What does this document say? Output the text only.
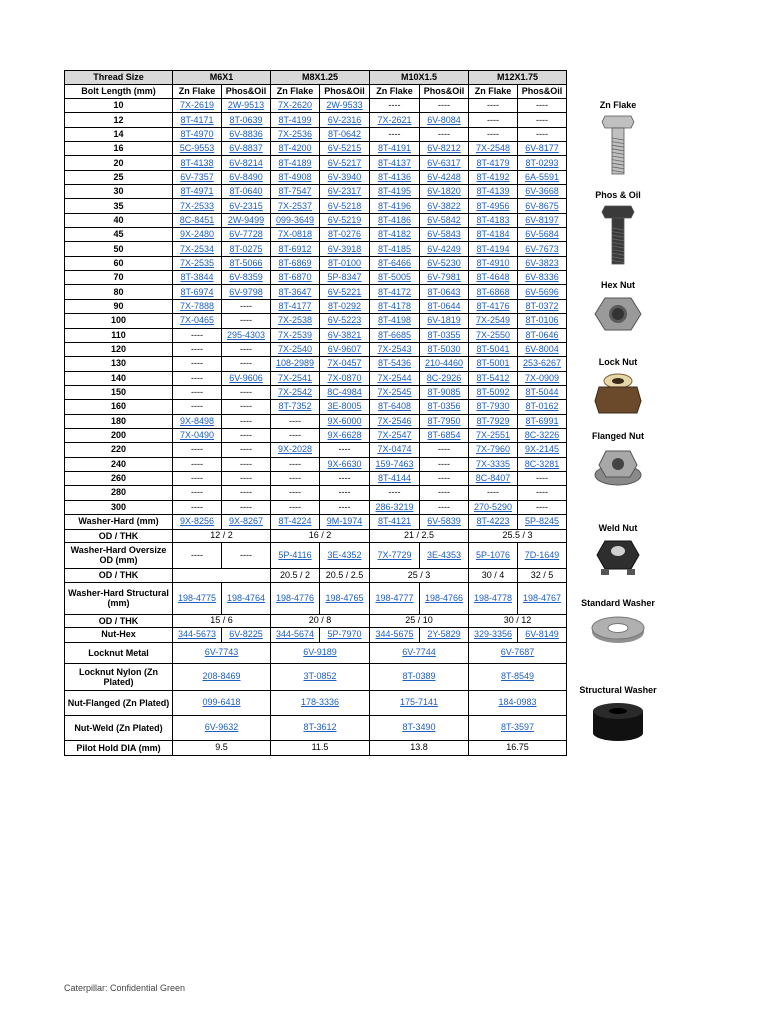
Thread Size	M6X1		M8X1.25		M10X1.5		M12X1.75	
Bolt Length (mm)	Zn Flake	Phos&Oil	Zn Flake	Phos&Oil	Zn Flake	Phos&Oil	Zn Flake	Phos&Oil
10	7X-2619	2W-9513	7X-2620	2W-9533	----	----	----	----
12	8T-4171	8T-0639	8T-4199	6V-2316	7X-2621	6V-8084	----	----
14	8T-4970	6V-8836	7X-2536	8T-0642	----	----	----	----
16	5C-9553	6V-8837	8T-4200	6V-5215	8T-4191	6V-8212	7X-2548	6V-8177
20	8T-4138	6V-8214	8T-4189	6V-5217	8T-4137	6V-6317	8T-4179	8T-0293
25	6V-7357	6V-8490	8T-4908	6V-3940	8T-4136	6V-4248	8T-4192	6A-5591
30	8T-4971	8T-0640	8T-7547	6V-2317	8T-4195	6V-1820	8T-4139	6V-3668
35	7X-2533	6V-2315	7X-2537	6V-5218	8T-4196	6V-3822	8T-4956	6V-8675
40	8C-8451	2W-9499	099-3649	6V-5219	8T-4186	6V-5842	8T-4183	6V-8197
45	9X-2480	6V-7728	7X-0818	8T-0276	8T-4182	6V-5843	8T-4184	6V-5684
50	7X-2534	8T-0275	8T-6912	6V-3918	8T-4185	6V-4249	8T-4194	6V-7673
60	7X-2535	8T-5066	8T-6869	8T-0100	8T-6466	6V-5230	8T-4910	6V-3823
70	8T-3844	6V-8359	8T-6870	5P-8347	8T-5005	6V-7981	8T-4648	6V-8336
80	8T-6974	6V-9798	8T-3647	6V-5221	8T-4172	8T-0643	8T-6868	6V-5696
90	7X-7888	----	8T-4177	8T-0292	8T-4178	8T-0644	8T-4176	8T-0372
100	7X-0465	----	7X-2538	6V-5223	8T-4198	6V-1819	7X-2549	8T-0106
110	----	295-4303	7X-2539	6V-3821	8T-6685	8T-0355	7X-2550	8T-0646
120	----	----	7X-2540	6V-9607	7X-2543	8T-5030	8T-5041	6V-8004
130	----	----	108-2989	7X-0457	8T-5436	210-4460	8T-5001	253-6267
140	----	6V-9606	7X-2541	7X-0870	7X-2544	8C-2926	8T-5412	7X-0909
150	----	----	7X-2542	8C-4984	7X-2545	8T-9085	8T-5092	8T-5044
160	----	----	8T-7352	3E-8005	8T-6408	8T-0356	8T-7930	8T-0162
180	9X-8498	----	----	9X-6000	7X-2546	8T-7950	8T-7929	8T-6991
200	7X-0490	----	----	9X-6628	7X-2547	8T-6854	7X-2551	8C-3226
220	----	----	9X-2028	----	7X-0474	----	7X-7960	9X-2145
240	----	----	----	9X-6630	159-7463	----	7X-3335	8C-3281
260	----	----	----	----	8T-4144	----	8C-8407	----
280	----	----	----	----	----	----	----	----
300	----	----	----	----	286-3219	----	270-5290	----
Washer-Hard (mm)	9X-8256	9X-8267	8T-4224	9M-1974	8T-4121	6V-5839	8T-4223	5P-8245
OD / THK	12 / 2		16 / 2		21 / 2.5		25.5 / 3	
Washer-Hard Oversize OD (mm)	----	----	5P-4116	3E-4352	7X-7729	3E-4353	5P-1076	7D-1649
OD / THK			20.5 / 2	20.5 / 2.5	25 / 3		30 / 4	32 / 5
Washer-Hard Structural (mm)	198-4775	198-4764	198-4776	198-4765	198-4777	198-4766	198-4778	198-4767
OD / THK	15 / 6		20 / 8		25 / 10		30 / 12	
Nut-Hex	344-5673	6V-8225	344-5674	5P-7970	344-5675	2Y-5829	329-3356	6V-8149
Locknut Metal	6V-7743		6V-9189		6V-7744		6V-7687	
Locknut Nylon (Zn Plated)	208-8469		3T-0852		8T-0389		8T-8549	
Nut-Flanged (Zn Plated)	099-6418		178-3336		175-7141		184-0983	
Nut-Weld (Zn Plated)	6V-9632		8T-3612		8T-3490		8T-3597	
Pilot Hold DIA (mm)	9.5		11.5		13.8		16.75	
Zn Flake
Phos & Oil
Hex Nut
Lock Nut
Flanged Nut
Weld Nut
Standard Washer
Structural Washer
Caterpillar: Confidential Green
